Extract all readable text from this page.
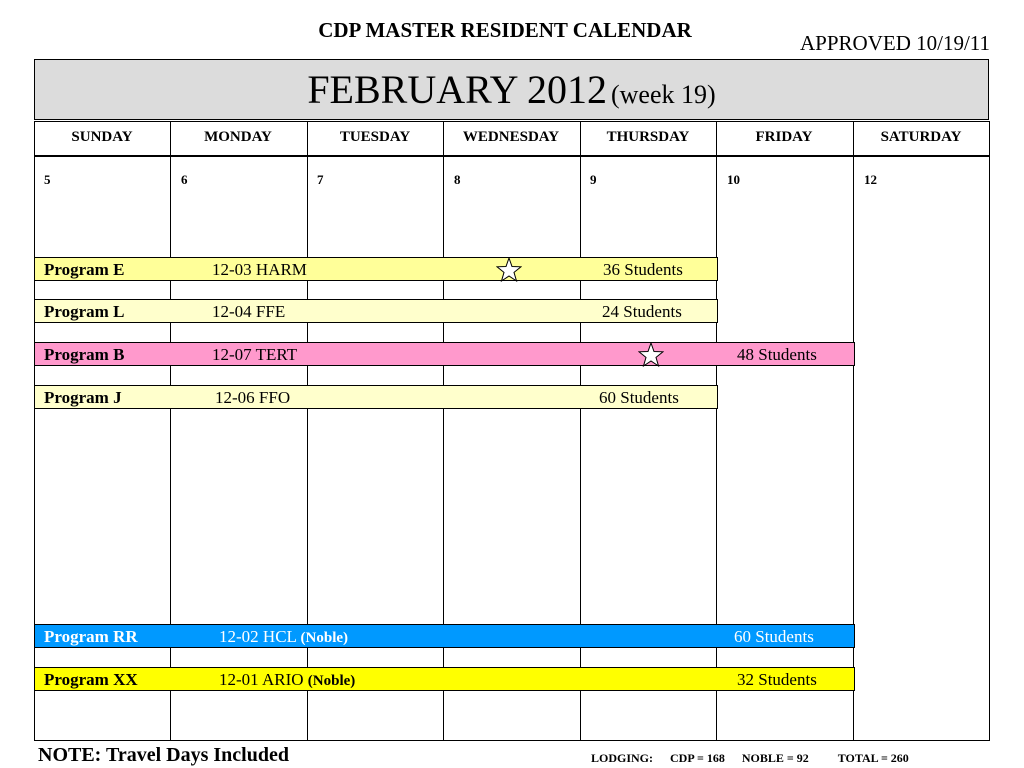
CDP MASTER RESIDENT CALENDAR
APPROVED 10/19/11
FEBRUARY 2012 (week 19)
SUNDAY	MONDAY	TUESDAY	WEDNESDAY	THURSDAY	FRIDAY	SATURDAY
5	6	7	8	9	10	12
Program E	12-03 HARM	36 Students
Program L	12-04 FFE	24 Students
Program B	12-07 TERT	48 Students
Program J	12-06 FFO	60 Students
Program RR	12-02 HCL (Noble)	60 Students
Program XX	12-01 ARIO (Noble)	32 Students
NOTE: Travel Days Included	LODGING: CDP = 168 NOBLE = 92 TOTAL = 260
